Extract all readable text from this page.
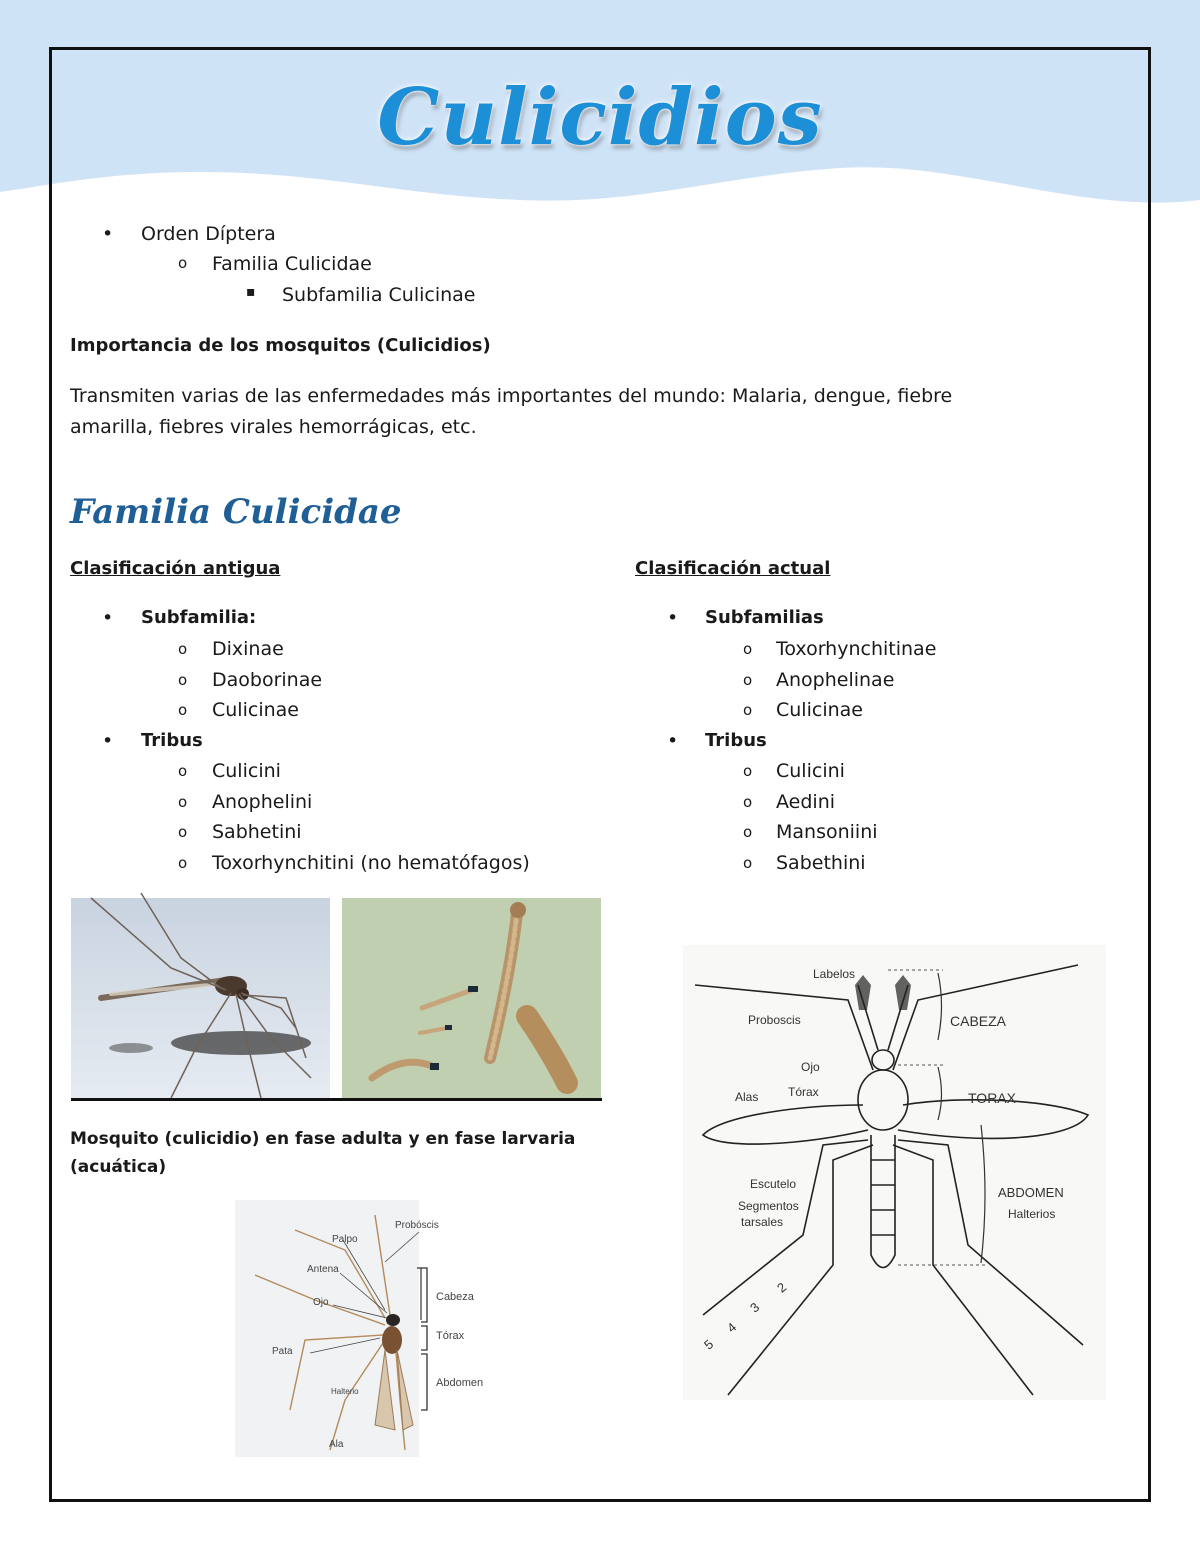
Culicidios
• Orden Díptera
o Familia Culicidae
▪ Subfamilia Culicinae
Importancia de los mosquitos (Culicidios)
Transmiten varias de las enfermedades más importantes del mundo: Malaria, dengue, fiebre
amarilla, fiebres virales hemorrágicas, etc.
Familia Culicidae
Clasificación antigua
• Subfamilia:
o Dixinae
o Daoborinae
o Culicinae
• Tribus
o Culicini
o Anophelini
o Sabhetini
o Toxorhynchitini (no hematófagos)
Clasificación actual
• Subfamilias
o Toxorhynchitinae
o Anophelinae
o Culicinae
• Tribus
o Culicini
o Aedini
o Mansoniini
o Sabethini
Mosquito (culicidio) en fase adulta y en fase larvaria
(acuática)
Probóscis
Palpo
Antena
Ojo
Pata
Halterio
Ala
Cabeza
Tórax
Abdomen
Labelos
Proboscis	CABEZA
Ojo
Tórax
Alas	TORAX
Escutelo
Segmentos
tarsales
ABDOMEN
Halterios
2
3
4
5
